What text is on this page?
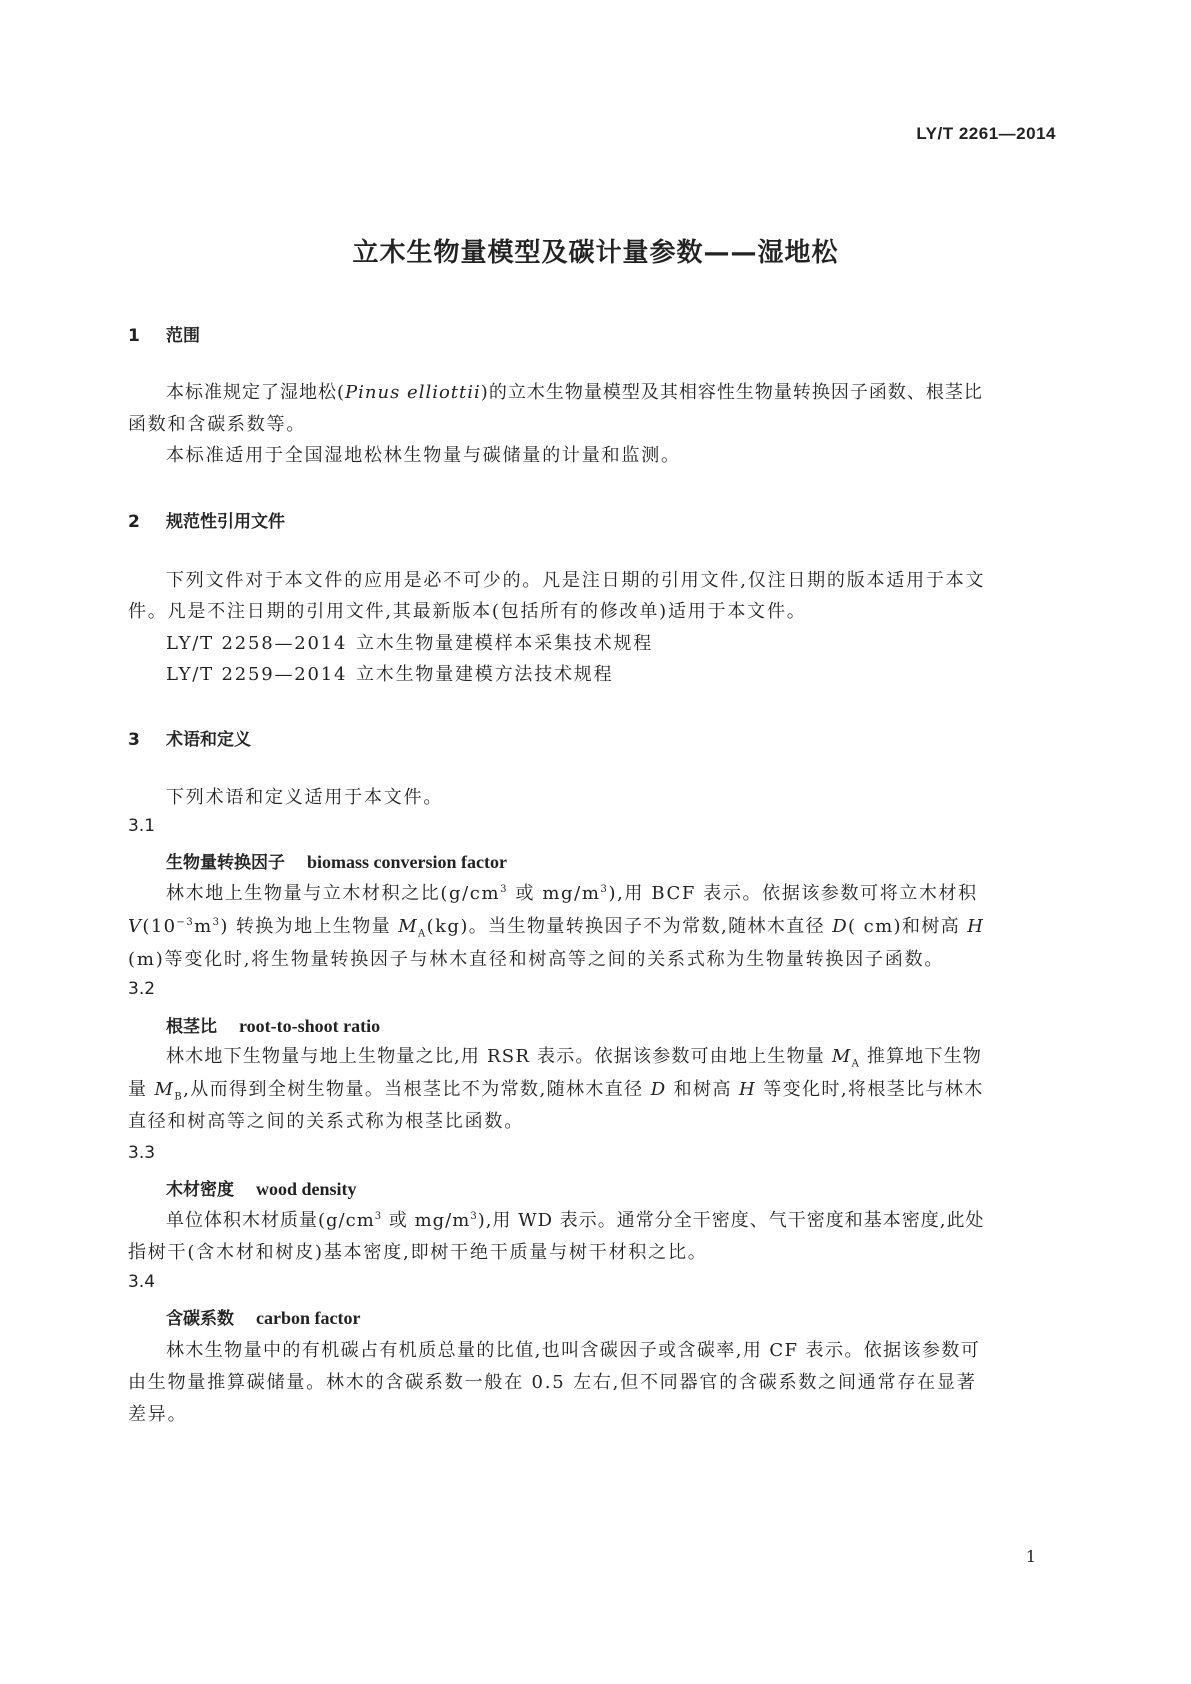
LY/T 2261—2014
立木生物量模型及碳计量参数——湿地松
1 范围
本标准规定了湿地松(Pinus elliottii)的立木生物量模型及其相容性生物量转换因子函数、根茎比
函数和含碳系数等。
本标准适用于全国湿地松林生物量与碳储量的计量和监测。
2 规范性引用文件
下列文件对于本文件的应用是必不可少的。凡是注日期的引用文件,仅注日期的版本适用于本文
件。凡是不注日期的引用文件,其最新版本(包括所有的修改单)适用于本文件。
LY/T 2258—2014 立木生物量建模样本采集技术规程
LY/T 2259—2014 立木生物量建模方法技术规程
3 术语和定义
下列术语和定义适用于本文件。
3.1
生物量转换因子 biomass conversion factor
林木地上生物量与立木材积之比($g/cm^3$ 或 $mg/m^3$),用 BCF 表示。依据该参数可将立木材积
$V(10^{-3}m^3)$ 转换为地上生物量 $M_A(kg)$。当生物量转换因子不为常数,随林木直径 D( cm)和树高 H
(m)等变化时,将生物量转换因子与林木直径和树高等之间的关系式称为生物量转换因子函数。
3.2
根茎比 root-to-shoot ratio
林木地下生物量与地上生物量之比,用 RSR 表示。依据该参数可由地上生物量 $M_A$ 推算地下生物
量 $M_B$,从而得到全树生物量。当根茎比不为常数,随林木直径 D 和树高 H 等变化时,将根茎比与林木
直径和树高等之间的关系式称为根茎比函数。
3.3
木材密度 wood density
单位体积木材质量($g/cm^3$ 或 $mg/m^3$),用 WD 表示。通常分全干密度、气干密度和基本密度,此处
指树干(含木材和树皮)基本密度,即树干绝干质量与树干材积之比。
3.4
含碳系数 carbon factor
林木生物量中的有机碳占有机质总量的比值,也叫含碳因子或含碳率,用 CF 表示。依据该参数可
由生物量推算碳储量。林木的含碳系数一般在 0.5 左右,但不同器官的含碳系数之间通常存在显著
差异。
1
